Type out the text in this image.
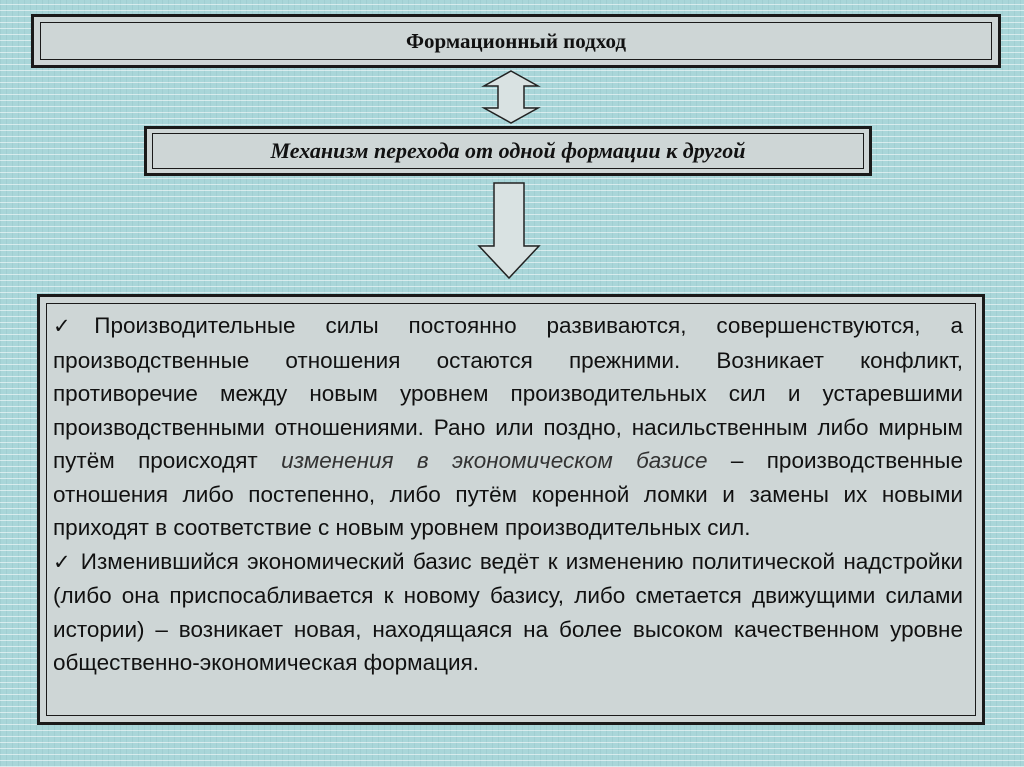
Формационный подход
Механизм перехода от одной формации к другой

✓Производительные силы постоянно развиваются, совершенствуются, а производственные отношения остаются прежними. Возникает конфликт, противоречие между новым уровнем производительных сил и устаревшими производственными отношениями. Рано или поздно, насильственным либо мирным путём происходят изменения в экономическом базисе – производственные отношения либо постепенно, либо путём коренной ломки и замены их новыми приходят в соответствие с новым уровнем производительных сил.

✓ Изменившийся экономический базис ведёт к изменению политической надстройки (либо она приспосабливается к новому базису, либо сметается движущими силами истории) – возникает новая, находящаяся на более высоком качественном уровне общественно-экономическая формация.
